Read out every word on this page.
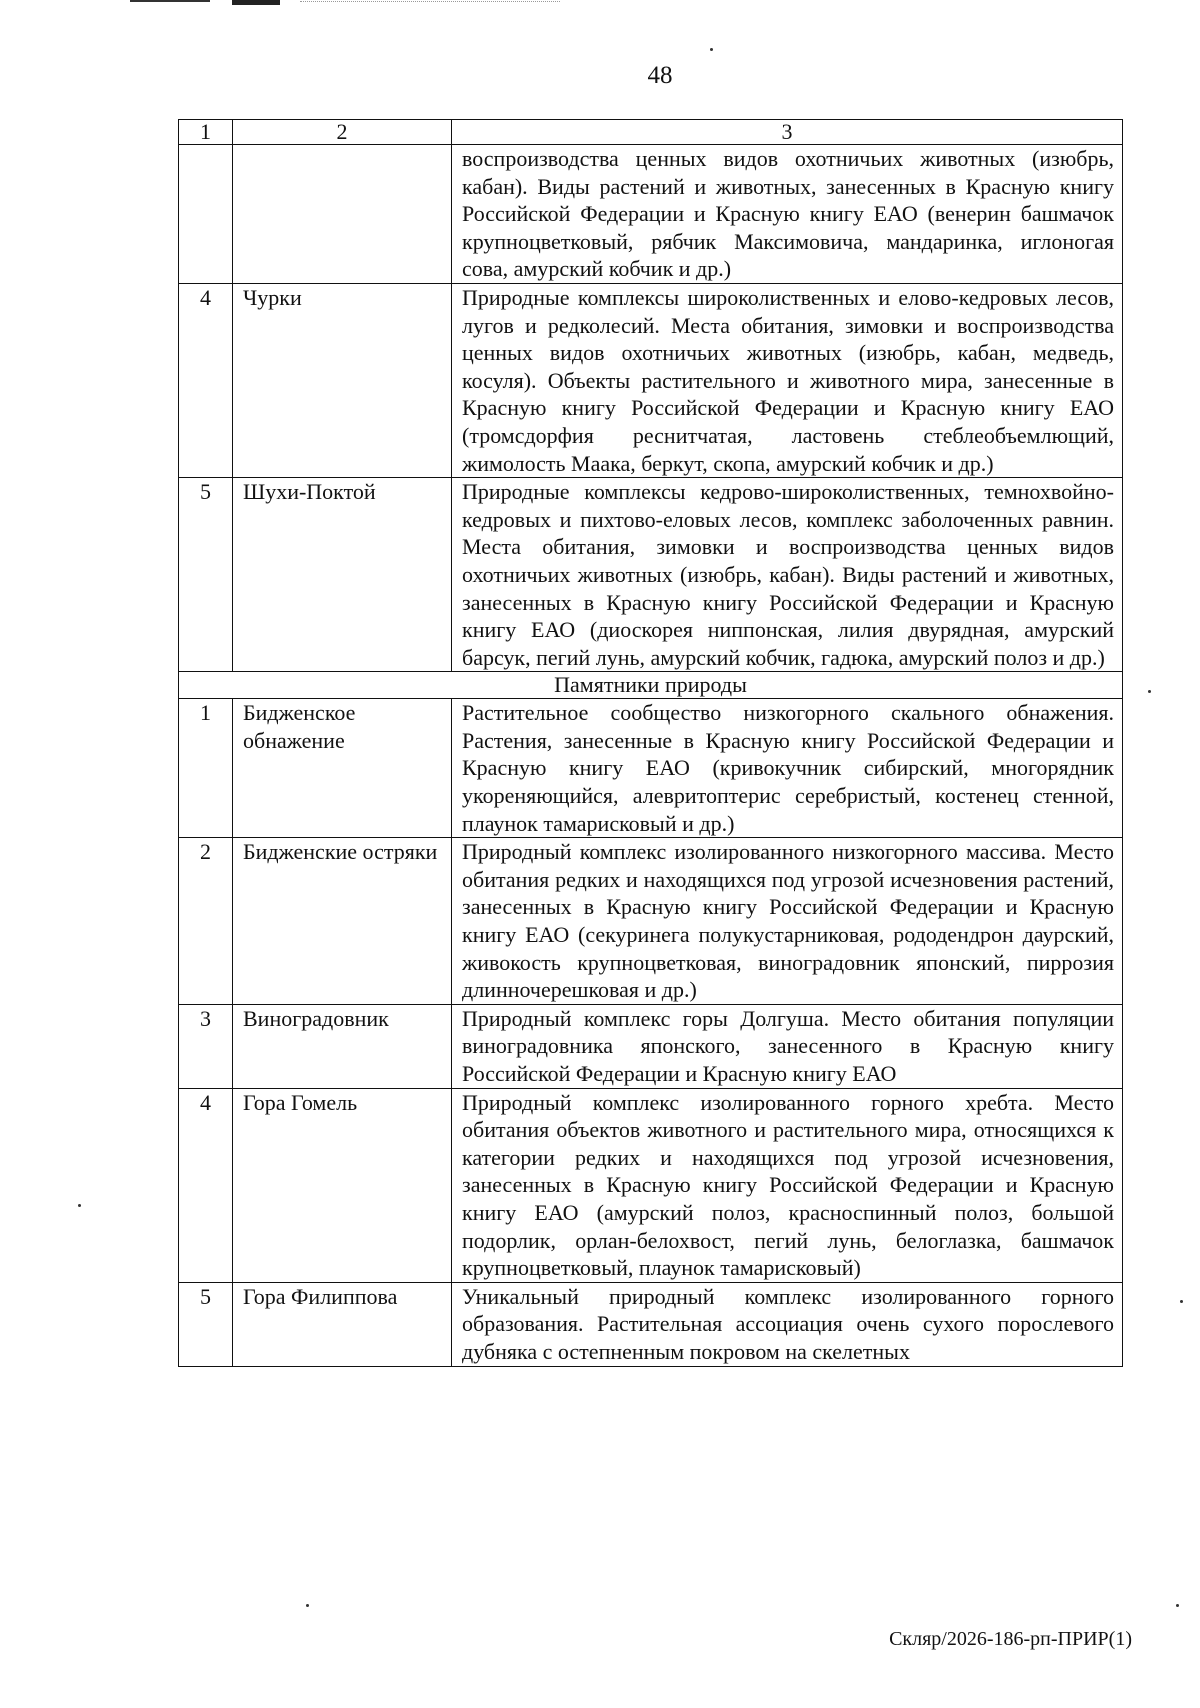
48
1	2	3
		воспроизводства ценных видов охотничьих животных (изюбрь, кабан). Виды растений и животных, занесенных в Красную книгу Российской Федерации и Красную книгу ЕАО (венерин башмачок крупноцветковый, рябчик Максимовича, мандаринка, иглоногая сова, амурский кобчик и др.)
4	Чурки	Природные комплексы широколиственных и елово-кедровых лесов, лугов и редколесий. Места обитания, зимовки и воспроизводства ценных видов охотничьих животных (изюбрь, кабан, медведь, косуля). Объекты растительного и животного мира, занесенные в Красную книгу Российской Федерации и Красную книгу ЕАО (тромсдорфия реснитчатая, ластовень стеблеобъемлющий, жимолость Маака, беркут, скопа, амурский кобчик и др.)
5	Шухи-Поктой	Природные комплексы кедрово-широколиственных, темнохвойно-кедровых и пихтово-еловых лесов, комплекс заболоченных равнин. Места обитания, зимовки и воспроизводства ценных видов охотничьих животных (изюбрь, кабан). Виды растений и животных, занесенных в Красную книгу Российской Федерации и Красную книгу ЕАО (диоскорея ниппонская, лилия двурядная, амурский барсук, пегий лунь, амурский кобчик, гадюка, амурский полоз и др.)
Памятники природы		
1	Бидженское обнажение	Растительное сообщество низкогорного скального обнажения. Растения, занесенные в Красную книгу Российской Федерации и Красную книгу ЕАО (кривокучник сибирский, многорядник укореняющийся, алевритоптерис серебристый, костенец стенной, плаунок тамарисковый и др.)
2	Бидженские остряки	Природный комплекс изолированного низкогорного массива. Место обитания редких и находящихся под угрозой исчезновения растений, занесенных в Красную книгу Российской Федерации и Красную книгу ЕАО (секуринега полукустарниковая, рододендрон даурский, живокость крупноцветковая, виноградовник японский, пиррозия длинночерешковая и др.)
3	Виноградовник	Природный комплекс горы Долгуша. Место обитания популяции виноградовника японского, занесенного в Красную книгу Российской Федерации и Красную книгу ЕАО
4	Гора Гомель	Природный комплекс изолированного горного хребта. Место обитания объектов животного и растительного мира, относящихся к категории редких и находящихся под угрозой исчезновения, занесенных в Красную книгу Российской Федерации и Красную книгу ЕАО (амурский полоз, красноспинный полоз, большой подорлик, орлан-белохвост, пегий лунь, белоглазка, башмачок крупноцветковый, плаунок тамарисковый)
5	Гора Филиппова	Уникальный природный комплекс изолированного горного образования. Растительная ассоциация очень сухого порослевого дубняка с остепненным покровом на скелетных
Скляр/2026-186-рп-ПРИР(1)
